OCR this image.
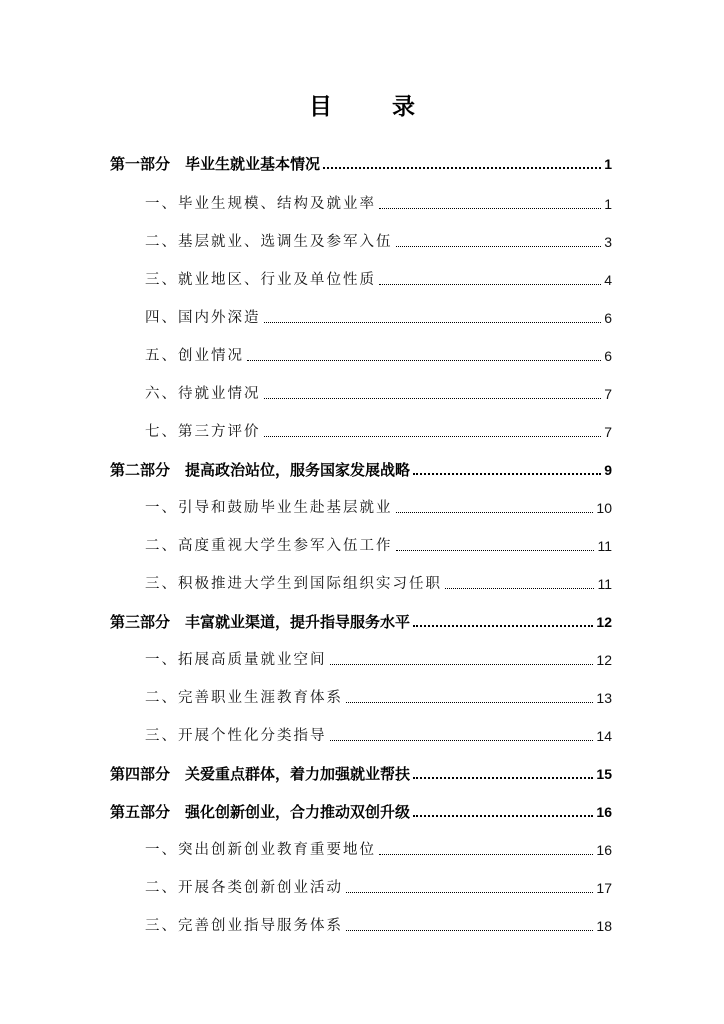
目 录
第一部分　毕业生就业基本情况	1
一、毕业生规模、结构及就业率	1
二、基层就业、选调生及参军入伍	3
三、就业地区、行业及单位性质	4
四、国内外深造	6
五、创业情况	6
六、待就业情况	7
七、第三方评价	7
第二部分　提高政治站位，服务国家发展战略	9
一、引导和鼓励毕业生赴基层就业	10
二、高度重视大学生参军入伍工作	11
三、积极推进大学生到国际组织实习任职	11
第三部分　丰富就业渠道，提升指导服务水平	12
一、拓展高质量就业空间	12
二、完善职业生涯教育体系	13
三、开展个性化分类指导	14
第四部分　关爱重点群体，着力加强就业帮扶	15
第五部分　强化创新创业，合力推动双创升级	16
一、突出创新创业教育重要地位	16
二、开展各类创新创业活动	17
三、完善创业指导服务体系	18
